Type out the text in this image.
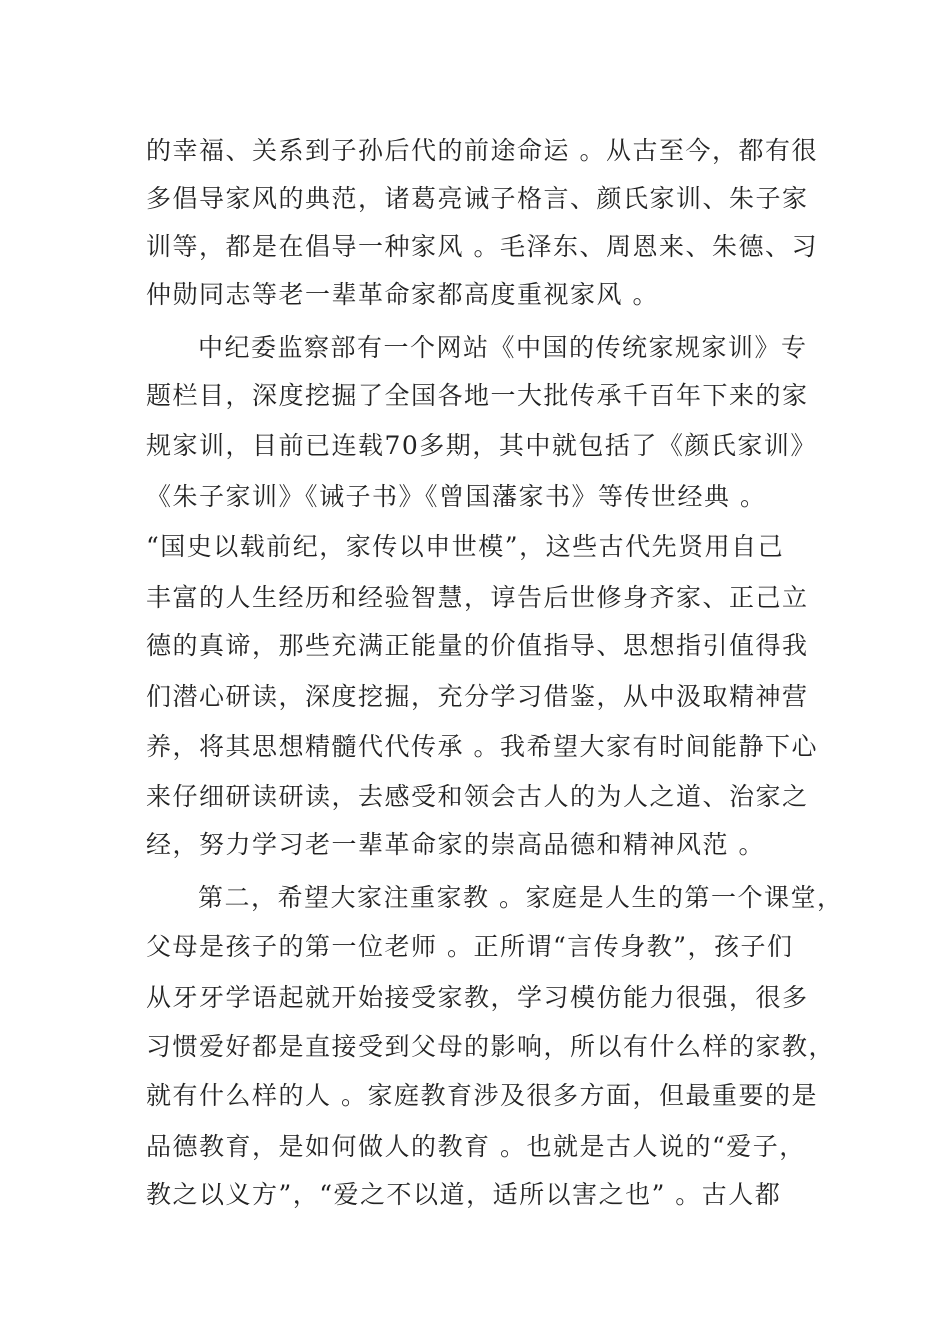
的幸福、关系到子孙后代的前途命运 。从古至今，都有很

多倡导家风的典范，诸葛亮诫子格言、颜氏家训、朱子家

训等，都是在倡导一种家风 。毛泽东、周恩来、朱德、习

仲勋同志等老一辈革命家都高度重视家风 。

中纪委监察部有一个网站《中国的传统家规家训》专

题栏目，深度挖掘了全国各地一大批传承千百年下来的家

规家训，目前已连载70多期，其中就包括了《颜氏家训》

《朱子家训》《诫子书》《曾国藩家书》等传世经典 。

“国史以载前纪，家传以申世模”，这些古代先贤用自己

丰富的人生经历和经验智慧，谆告后世修身齐家、正己立

德的真谛，那些充满正能量的价值指导、思想指引值得我

们潜心研读，深度挖掘，充分学习借鉴，从中汲取精神营

养，将其思想精髓代代传承 。我希望大家有时间能静下心

来仔细研读研读，去感受和领会古人的为人之道、治家之

经，努力学习老一辈革命家的崇高品德和精神风范 。

第二，希望大家注重家教 。家庭是人生的第一个课堂，

父母是孩子的第一位老师 。正所谓“言传身教”，孩子们

从牙牙学语起就开始接受家教，学习模仿能力很强，很多

习惯爱好都是直接受到父母的影响，所以有什么样的家教，

就有什么样的人 。家庭教育涉及很多方面，但最重要的是

品德教育，是如何做人的教育 。也就是古人说的“爱子，

教之以义方”，“爱之不以道，适所以害之也” 。古人都
